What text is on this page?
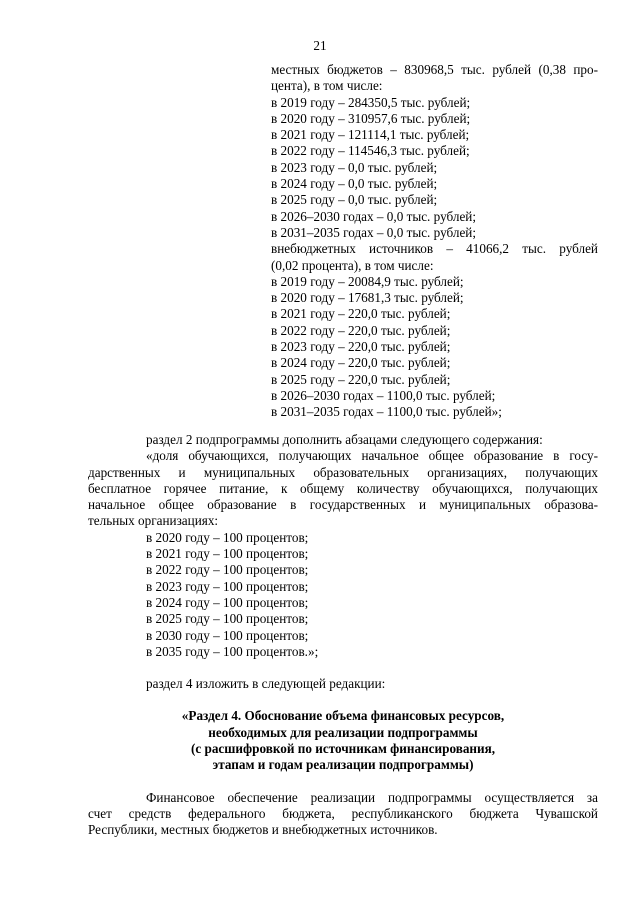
21
местных бюджетов – 830968,5 тыс. рублей (0,38 про-
цента), в том числе:
в 2019 году – 284350,5 тыс. рублей;
в 2020 году – 310957,6 тыс. рублей;
в 2021 году – 121114,1 тыс. рублей;
в 2022 году – 114546,3 тыс. рублей;
в 2023 году – 0,0 тыс. рублей;
в 2024 году – 0,0 тыс. рублей;
в 2025 году – 0,0 тыс. рублей;
в 2026–2030 годах – 0,0 тыс. рублей;
в 2031–2035 годах – 0,0 тыс. рублей;
внебюджетных источников – 41066,2 тыс. рублей
(0,02 процента), в том числе:
в 2019 году – 20084,9 тыс. рублей;
в 2020 году – 17681,3 тыс. рублей;
в 2021 году – 220,0 тыс. рублей;
в 2022 году – 220,0 тыс. рублей;
в 2023 году – 220,0 тыс. рублей;
в 2024 году – 220,0 тыс. рублей;
в 2025 году – 220,0 тыс. рублей;
в 2026–2030 годах – 1100,0 тыс. рублей;
в 2031–2035 годах – 1100,0 тыс. рублей»;
раздел 2 подпрограммы дополнить абзацами следующего содержания:
«доля обучающихся, получающих начальное общее образование в госу-
дарственных и муниципальных образовательных организациях, получающих
бесплатное горячее питание, к общему количеству обучающихся, получающих
начальное общее образование в государственных и муниципальных образова-
тельных организациях:
в 2020 году – 100 процентов;
в 2021 году – 100 процентов;
в 2022 году – 100 процентов;
в 2023 году – 100 процентов;
в 2024 году – 100 процентов;
в 2025 году – 100 процентов;
в 2030 году – 100 процентов;
в 2035 году – 100 процентов.»;
раздел 4 изложить в следующей редакции:
«Раздел 4. Обоснование объема финансовых ресурсов,
необходимых для реализации подпрограммы
(с расшифровкой по источникам финансирования,
этапам и годам реализации подпрограммы)
Финансовое обеспечение реализации подпрограммы осуществляется за
счет средств федерального бюджета, республиканского бюджета Чувашской
Республики, местных бюджетов и внебюджетных источников.
